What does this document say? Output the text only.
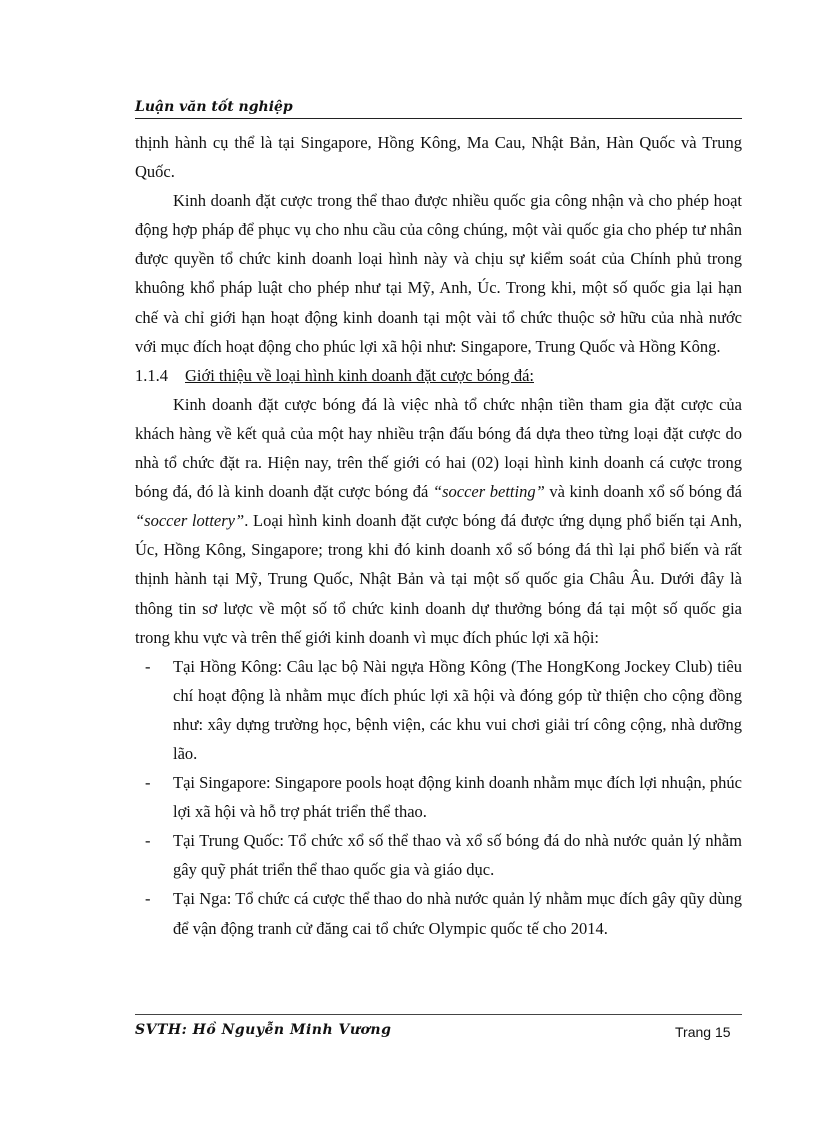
Luận văn tốt nghiệp

thịnh hành cụ thể là tại Singapore, Hồng Kông, Ma Cau, Nhật Bản, Hàn Quốc và Trung Quốc.

Kinh doanh đặt cược trong thể thao được nhiều quốc gia công nhận và cho phép hoạt động hợp pháp để phục vụ cho nhu cầu của công chúng, một vài quốc gia cho phép tư nhân được quyền tổ chức kinh doanh loại hình này và chịu sự kiểm soát của Chính phủ trong khuông khổ pháp luật cho phép như tại Mỹ, Anh, Úc. Trong khi, một số quốc gia lại hạn chế và chỉ giới hạn hoạt động kinh doanh tại một vài tổ chức thuộc sở hữu của nhà nước với mục đích hoạt động cho phúc lợi xã hội như: Singapore, Trung Quốc và Hồng Kông.

1.1.4 Giới thiệu về loại hình kinh doanh đặt cược bóng đá:

Kinh doanh đặt cược bóng đá là việc nhà tổ chức nhận tiền tham gia đặt cược của khách hàng về kết quả của một hay nhiều trận đấu bóng đá dựa theo từng loại đặt cược do nhà tổ chức đặt ra. Hiện nay, trên thế giới có hai (02) loại hình kinh doanh cá cược trong bóng đá, đó là kinh doanh đặt cược bóng đá “soccer betting” và kinh doanh xổ số bóng đá “soccer lottery”. Loại hình kinh doanh đặt cược bóng đá được ứng dụng phổ biến tại Anh, Úc, Hồng Kông, Singapore; trong khi đó kinh doanh xổ số bóng đá thì lại phổ biến và rất thịnh hành tại Mỹ, Trung Quốc, Nhật Bản và tại một số quốc gia Châu Âu. Dưới đây là thông tin sơ lược về một số tổ chức kinh doanh dự thưởng bóng đá tại một số quốc gia trong khu vực và trên thế giới kinh doanh vì mục đích phúc lợi xã hội:

- Tại Hồng Kông: Câu lạc bộ Nài ngựa Hồng Kông (The HongKong Jockey Club) tiêu chí hoạt động là nhằm mục đích phúc lợi xã hội và đóng góp từ thiện cho cộng đồng như: xây dựng trường học, bệnh viện, các khu vui chơi giải trí công cộng, nhà dưỡng lão.
- Tại Singapore: Singapore pools hoạt động kinh doanh nhằm mục đích lợi nhuận, phúc lợi xã hội và hỗ trợ phát triển thể thao.
- Tại Trung Quốc: Tổ chức xổ số thể thao và xổ số bóng đá do nhà nước quản lý nhằm gây quỹ phát triển thể thao quốc gia và giáo dục.
- Tại Nga: Tổ chức cá cược thể thao do nhà nước quản lý nhằm mục đích gây qũy dùng để vận động tranh cử đăng cai tổ chức Olympic quốc tế cho 2014.
SVTH: Hồ Nguyễn Minh Vương	Trang 15
